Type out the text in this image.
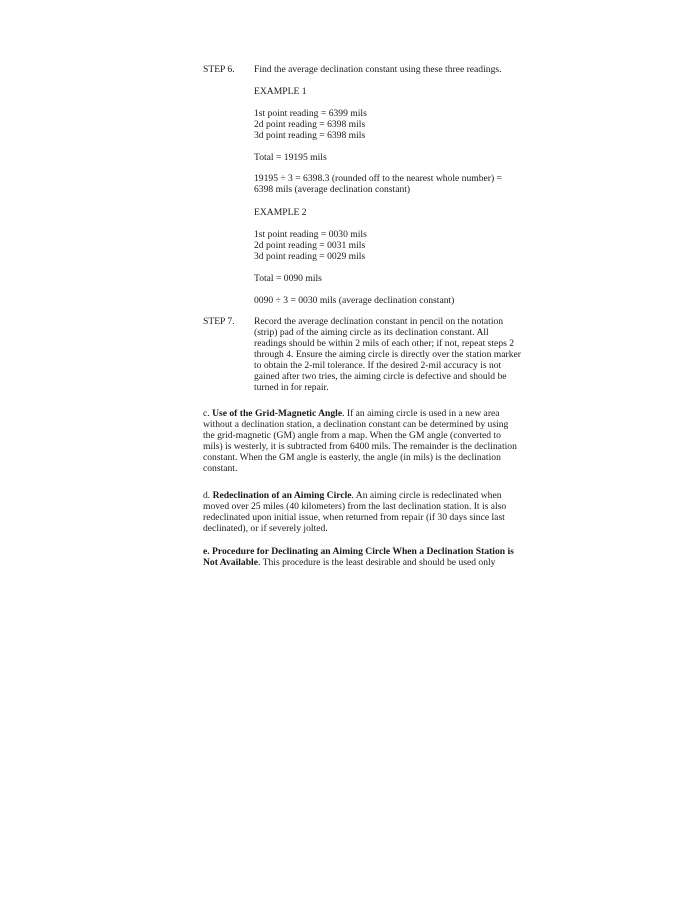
STEP 6. Find the average declination constant using these three readings.
EXAMPLE 1
1st point reading = 6399 mils
2d point reading = 6398 mils
3d point reading = 6398 mils
Total = 19195 mils
19195 ÷ 3 = 6398.3 (rounded off to the nearest whole number) =
6398 mils (average declination constant)
EXAMPLE 2
1st point reading = 0030 mils
2d point reading = 0031 mils
3d point reading = 0029 mils
Total = 0090 mils
0090 ÷ 3 = 0030 mils (average declination constant)
STEP 7. Record the average declination constant in pencil on the notation
(strip) pad of the aiming circle as its declination constant. All
readings should be within 2 mils of each other; if not, repeat steps 2
through 4. Ensure the aiming circle is directly over the station marker
to obtain the 2-mil tolerance. If the desired 2-mil accuracy is not
gained after two tries, the aiming circle is defective and should be
turned in for repair.
c. Use of the Grid-Magnetic Angle. If an aiming circle is used in a new area
without a declination station, a declination constant can be determined by using
the grid-magnetic (GM) angle from a map. When the GM angle (converted to
mils) is westerly, it is subtracted from 6400 mils. The remainder is the declination
constant. When the GM angle is easterly, the angle (in mils) is the declination
constant.
d. Redeclination of an Aiming Circle. An aiming circle is redeclinated when
moved over 25 miles (40 kilometers) from the last declination station. It is also
redeclinated upon initial issue, when returned from repair (if 30 days since last
declinated), or if severely jolted.
e. Procedure for Declinating an Aiming Circle When a Declination Station is
Not Available. This procedure is the least desirable and should be used only
